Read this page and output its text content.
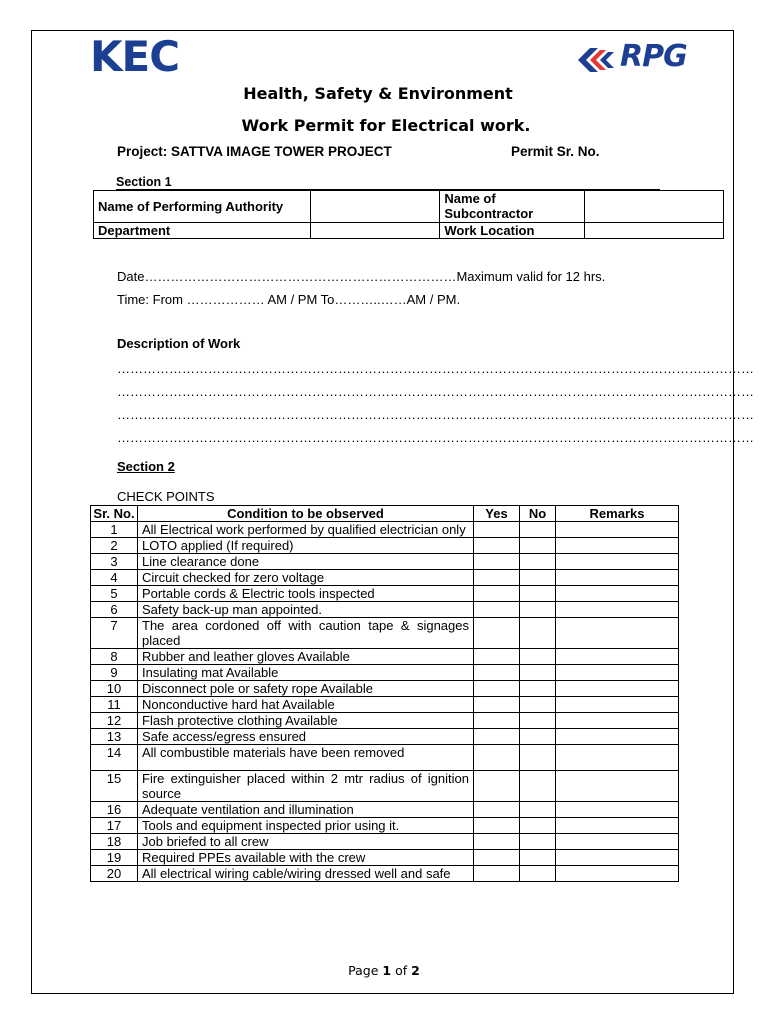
KEC	RPG
Health, Safety & Environment
Work Permit for Electrical work.
Project: SATTVA IMAGE TOWER PROJECT	Permit Sr. No.
Section 1
Name of Performing Authority		Name of
Subcontractor	

Department		Work Location	
Date………………………………………………………………Maximum valid for 12 hrs.
Time: From ……………… AM / PM To………..……AM / PM.
Description of Work
…………………………………………………………………………………………………………………………………
…………………………………………………………………………………………………………………………………
…………………………………………………………………………………………………………………………………
…………………………………………………………………………………………………………………………………
Section 2
CHECK POINTS
Sr. No.	Condition to be observed	Yes	No	Remarks
1	All Electrical work performed by qualified electrician only			
2	LOTO applied (If required)			
3	Line clearance done			
4	Circuit checked for zero voltage			
5	Portable cords & Electric tools inspected			
6	Safety back-up man appointed.			
7	The area cordoned off with caution tape & signages placed			
8	Rubber and leather gloves Available			
9	Insulating mat Available			
10	Disconnect pole or safety rope Available			
11	Nonconductive hard hat Available			
12	Flash protective clothing Available			
13	Safe access/egress ensured			
14	All combustible materials have been removed			
15	Fire extinguisher placed within 2 mtr radius of ignition source			
16	Adequate ventilation and illumination			
17	Tools and equipment inspected prior using it.			
18	Job briefed to all crew			
19	Required PPEs available with the crew			
20	All electrical wiring cable/wiring dressed well and safe			
Page 1 of 2
